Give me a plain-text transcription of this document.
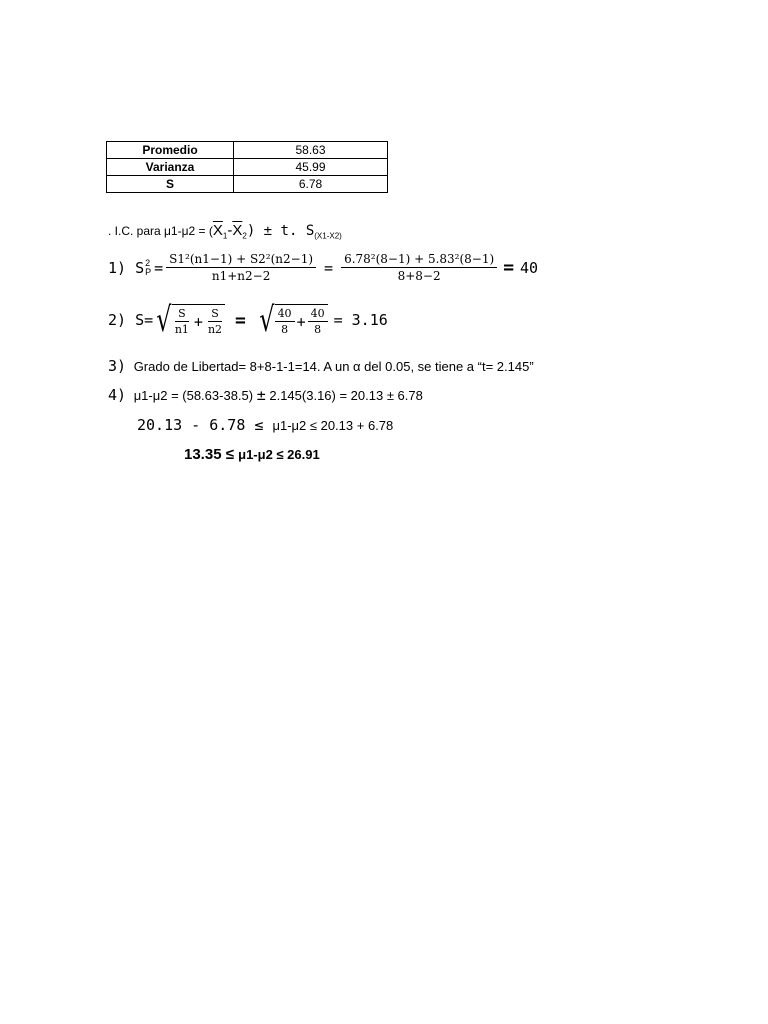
Promedio	58.63
Varianza	45.99
S	6.78
. I.C. para $\mu 1-\mu 2 = (\overline{X}_1-\overline{X}_2) \pm t$. $S_{(X1-X2)}$
1) S 2
$P = \frac{\text{S1²(n1−1) + S2²(n2−1)}}{n1+n2-2} = \frac{\text{6.78²(8−1) + 5.83²(8−1)}}{8+8-2} = 40$
2) S= √ $\frac{S}{n1} + \frac{S}{n2}$ = √ $\frac{40}{8} + \frac{40}{8} = 3.16$
3) Grado de Libertad= 8+8-1-1=14. A un α del 0.05, se tiene a “t= 2.145”
4) μ1-μ2 = (58.63-38.5) ± 2.145(3.16) = 20.13 ± 6.78
20.13 - 6.78 ≤ μ1-μ2 ≤ 20.13 + 6.78
13.35 ≤ μ1-μ2 ≤ 26.91
